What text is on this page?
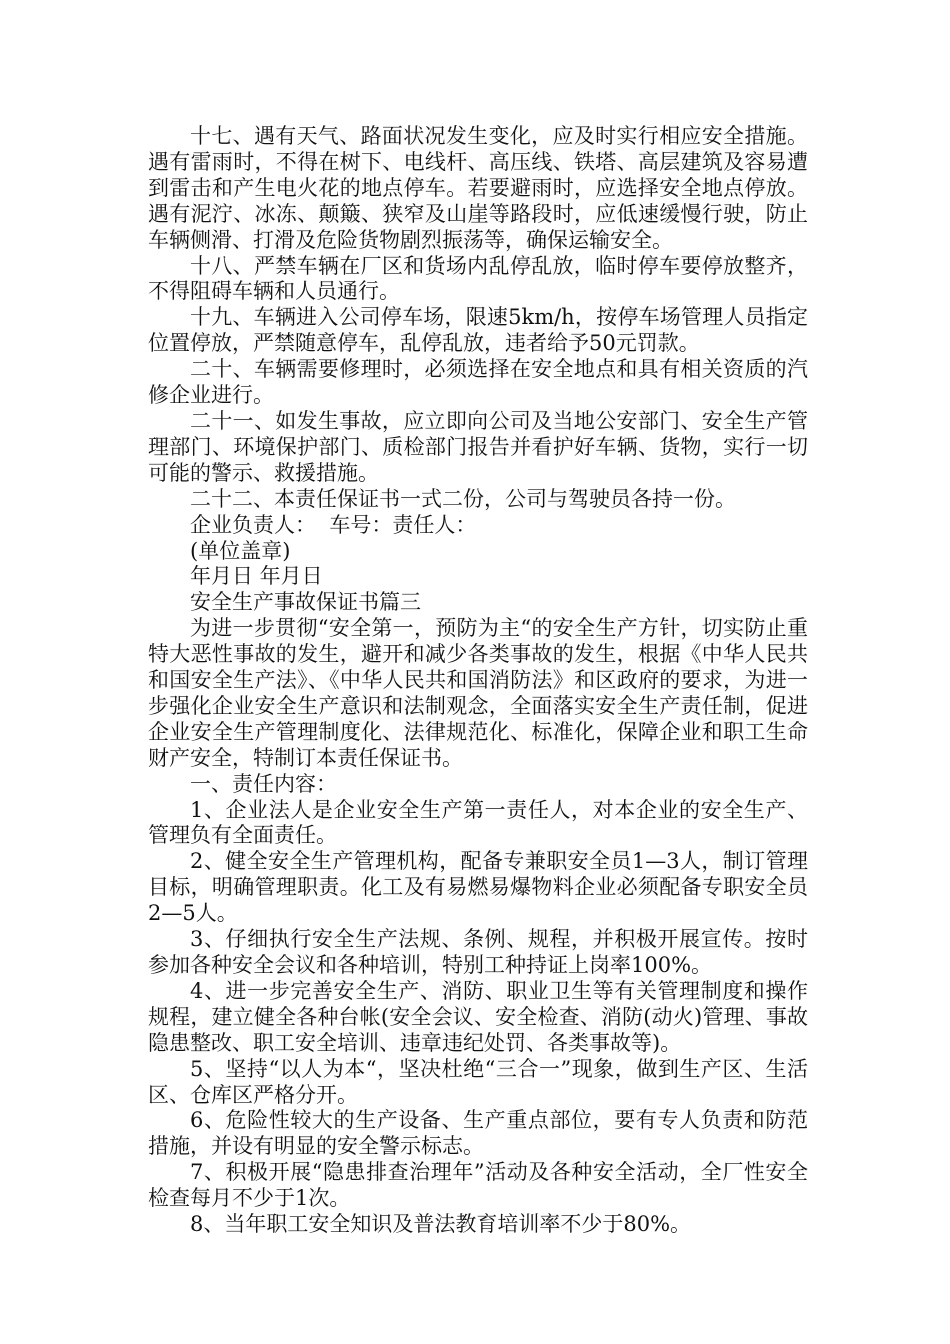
十七、遇有天气、路面状况发生变化，应及时实行相应安全措施。遇有雷雨时，不得在树下、电线杆、高压线、铁塔、高层建筑及容易遭到雷击和产生电火花的地点停车。若要避雨时，应选择安全地点停放。遇有泥泞、冰冻、颠簸、狭窄及山崖等路段时，应低速缓慢行驶，防止车辆侧滑、打滑及危险货物剧烈振荡等，确保运输安全。

十八、严禁车辆在厂区和货场内乱停乱放，临时停车要停放整齐，不得阻碍车辆和人员通行。

十九、车辆进入公司停车场，限速5km/h，按停车场管理人员指定位置停放，严禁随意停车，乱停乱放，违者给予50元罚款。

二十、车辆需要修理时，必须选择在安全地点和具有相关资质的汽修企业进行。

二十一、如发生事故，应立即向公司及当地公安部门、安全生产管理部门、环境保护部门、质检部门报告并看护好车辆、货物，实行一切可能的警示、救援措施。

二十二、本责任保证书一式二份，公司与驾驶员各持一份。

企业负责人：  车号：责任人：

(单位盖章)

年月日 年月日

安全生产事故保证书篇三

为进一步贯彻“安全第一，预防为主“的安全生产方针，切实防止重特大恶性事故的发生，避开和减少各类事故的发生，根据《中华人民共和国安全生产法》、《中华人民共和国消防法》和区政府的要求，为进一步强化企业安全生产意识和法制观念，全面落实安全生产责任制，促进企业安全生产管理制度化、法律规范化、标准化，保障企业和职工生命财产安全，特制订本责任保证书。

一、责任内容：

1、企业法人是企业安全生产第一责任人，对本企业的安全生产、管理负有全面责任。

2、健全安全生产管理机构，配备专兼职安全员1—3人，制订管理目标，明确管理职责。化工及有易燃易爆物料企业必须配备专职安全员2—5人。

3、仔细执行安全生产法规、条例、规程，并积极开展宣传。按时参加各种安全会议和各种培训，特别工种持证上岗率100%。

4、进一步完善安全生产、消防、职业卫生等有关管理制度和操作规程，建立健全各种台帐(安全会议、安全检查、消防(动火)管理、事故隐患整改、职工安全培训、违章违纪处罚、各类事故等)。

5、坚持“以人为本“，坚决杜绝“三合一”现象，做到生产区、生活区、仓库区严格分开。

6、危险性较大的生产设备、生产重点部位，要有专人负责和防范措施，并设有明显的安全警示标志。

7、积极开展“隐患排查治理年”活动及各种安全活动，全厂性安全检查每月不少于1次。

8、当年职工安全知识及普法教育培训率不少于80%。
